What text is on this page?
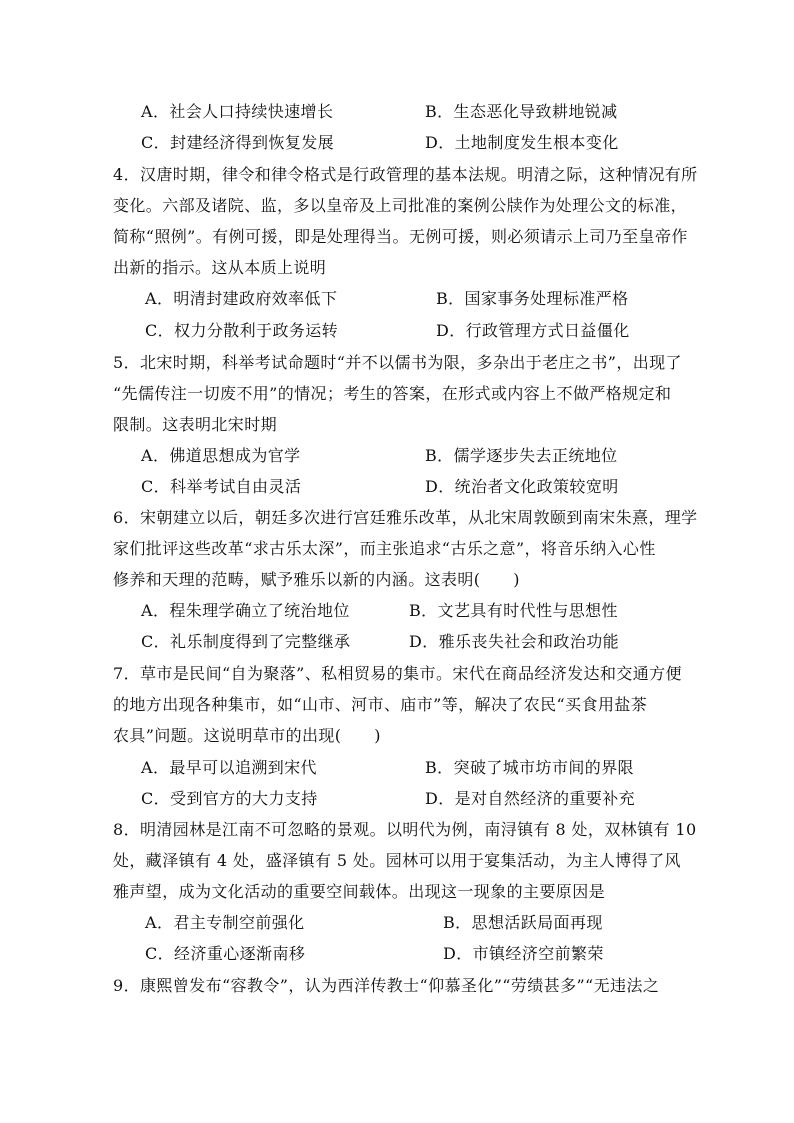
A．社会人口持续快速增长	B．生态恶化导致耕地锐减
C．封建经济得到恢复发展	D．土地制度发生根本变化
4．汉唐时期，律令和律令格式是行政管理的基本法规。明清之际，这种情况有所
变化。六部及诸院、监，多以皇帝及上司批准的案例公牍作为处理公文的标准，
简称“照例”。有例可援，即是处理得当。无例可援，则必须请示上司乃至皇帝作
出新的指示。这从本质上说明
A．明清封建政府效率低下	B．国家事务处理标准严格
C．权力分散利于政务运转	D．行政管理方式日益僵化
5．北宋时期，科举考试命题时“并不以儒书为限，多杂出于老庄之书”，出现了
“先儒传注一切废不用”的情况；考生的答案，在形式或内容上不做严格规定和
限制。这表明北宋时期
A．佛道思想成为官学	B．儒学逐步失去正统地位
C．科举考试自由灵活	D．统治者文化政策较宽明
6．宋朝建立以后，朝廷多次进行宫廷雅乐改革，从北宋周敦颐到南宋朱熹，理学
家们批评这些改革“求古乐太深”，而主张追求“古乐之意”，将音乐纳入心性
修养和天理的范畴，赋予雅乐以新的内涵。这表明(　　)
A．程朱理学确立了统治地位	B．文艺具有时代性与思想性
C．礼乐制度得到了完整继承	D．雅乐丧失社会和政治功能
7．草市是民间“自为聚落”、私相贸易的集市。宋代在商品经济发达和交通方便
的地方出现各种集市，如“山市、河市、庙市”等，解决了农民“买食用盐茶
农具”问题。这说明草市的出现(　　)
A．最早可以追溯到宋代	B．突破了城市坊市间的界限
C．受到官方的大力支持	D．是对自然经济的重要补充
8．明清园林是江南不可忽略的景观。以明代为例，南浔镇有 8 处，双林镇有 10
处，藏泽镇有 4 处，盛泽镇有 5 处。园林可以用于宴集活动，为主人博得了风
雅声望，成为文化活动的重要空间载体。出现这一现象的主要原因是
A．君主专制空前强化	B．思想活跃局面再现
C．经济重心逐渐南移	D．市镇经济空前繁荣
9．康熙曾发布“容教令”，认为西洋传教士“仰慕圣化”“劳绩甚多”“无违法之
